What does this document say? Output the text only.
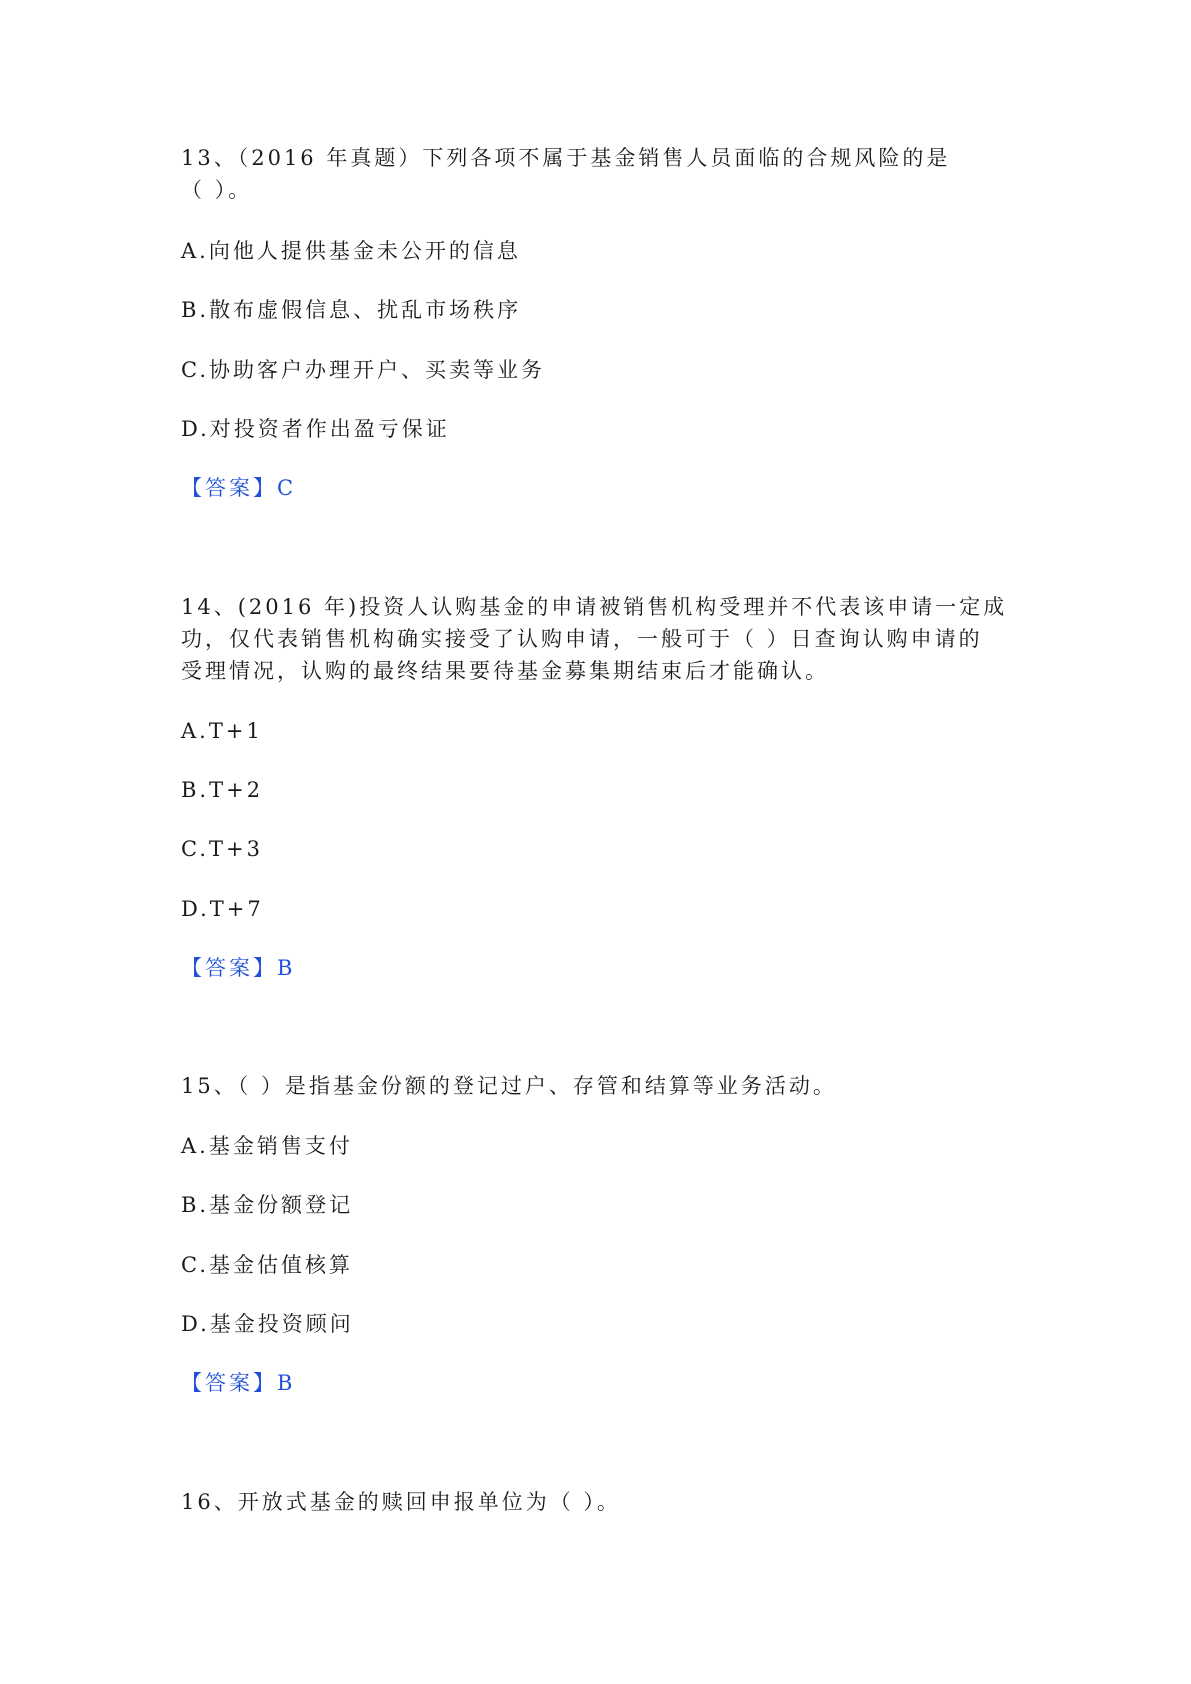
13、（2016 年真题）下列各项不属于基金销售人员面临的合规风险的是
（ ）。
A.向他人提供基金未公开的信息
B.散布虚假信息、扰乱市场秩序
C.协助客户办理开户、买卖等业务
D.对投资者作出盈亏保证
【答案】C
14、(2016 年)投资人认购基金的申请被销售机构受理并不代表该申请一定成
功，仅代表销售机构确实接受了认购申请，一般可于（ ）日查询认购申请的
受理情况，认购的最终结果要待基金募集期结束后才能确认。
A.T+1
B.T+2
C.T+3
D.T+7
【答案】B
15、（ ）是指基金份额的登记过户、存管和结算等业务活动。
A.基金销售支付
B.基金份额登记
C.基金估值核算
D.基金投资顾问
【答案】B
16、开放式基金的赎回申报单位为（ ）。
